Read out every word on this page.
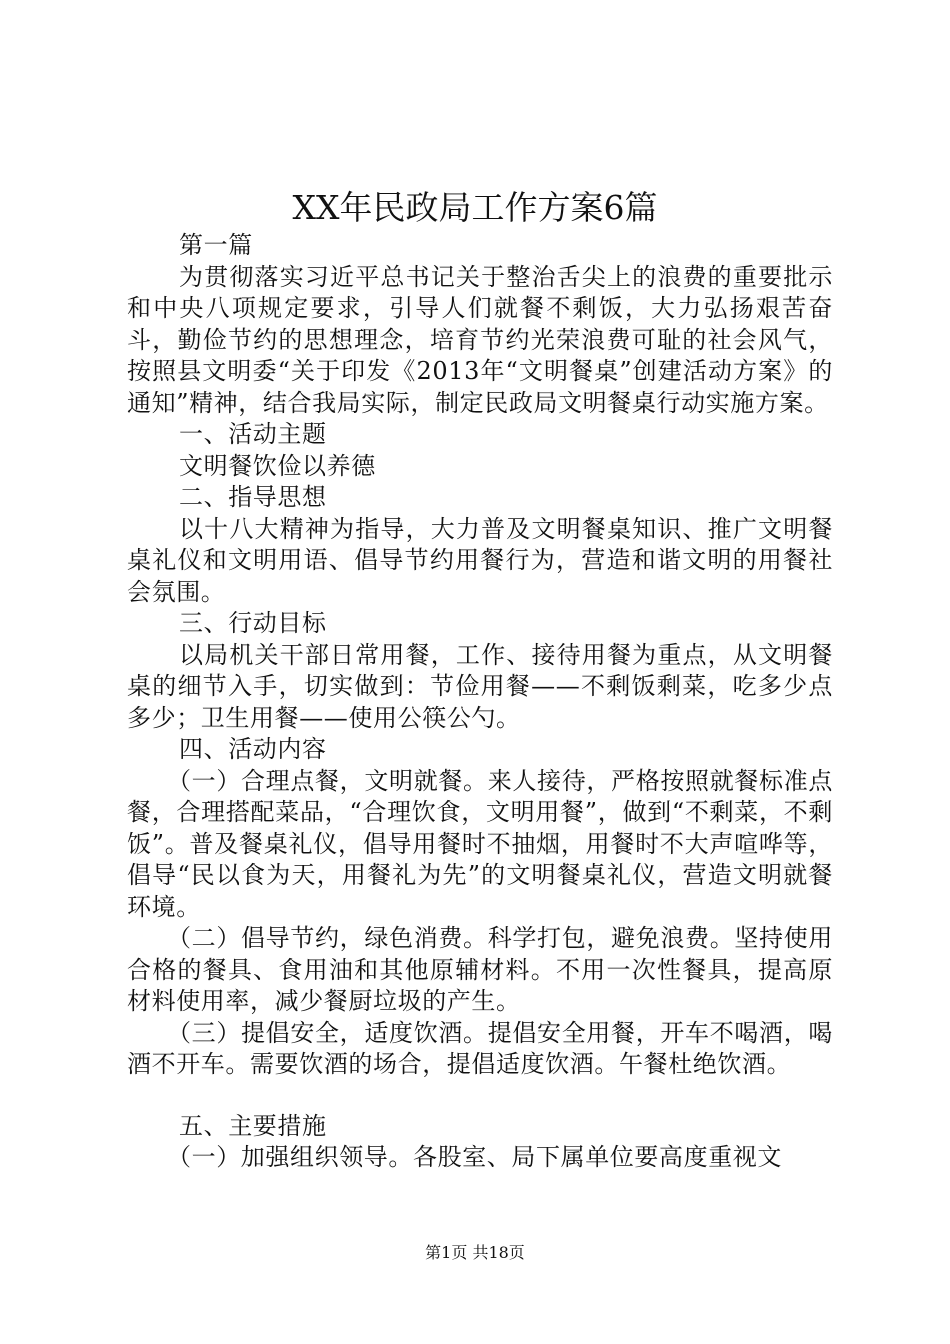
XX年民政局工作方案6篇

第一篇

为贯彻落实习近平总书记关于整治舌尖上的浪费的重要批示和中央八项规定要求，引导人们就餐不剩饭，大力弘扬艰苦奋斗，勤俭节约的思想理念，培育节约光荣浪费可耻的社会风气，按照县文明委“关于印发《2013年“文明餐桌”创建活动方案》的通知”精神，结合我局实际，制定民政局文明餐桌行动实施方案。

一、活动主题

文明餐饮俭以养德

二、指导思想

以十八大精神为指导，大力普及文明餐桌知识、推广文明餐桌礼仪和文明用语、倡导节约用餐行为，营造和谐文明的用餐社会氛围。

三、行动目标

以局机关干部日常用餐，工作、接待用餐为重点，从文明餐桌的细节入手，切实做到：节俭用餐——不剩饭剩菜，吃多少点多少；卫生用餐——使用公筷公勺。

四、活动内容

（一）合理点餐，文明就餐。来人接待，严格按照就餐标准点餐，合理搭配菜品，“合理饮食，文明用餐”，做到“不剩菜，不剩饭”。普及餐桌礼仪，倡导用餐时不抽烟，用餐时不大声喧哗等，倡导“民以食为天，用餐礼为先”的文明餐桌礼仪，营造文明就餐环境。

（二）倡导节约，绿色消费。科学打包，避免浪费。坚持使用合格的餐具、食用油和其他原辅材料。不用一次性餐具，提高原材料使用率，减少餐厨垃圾的产生。

（三）提倡安全，适度饮酒。提倡安全用餐，开车不喝酒，喝酒不开车。需要饮酒的场合，提倡适度饮酒。午餐杜绝饮酒。

五、主要措施

（一）加强组织领导。各股室、局下属单位要高度重视文

第1页 共18页
